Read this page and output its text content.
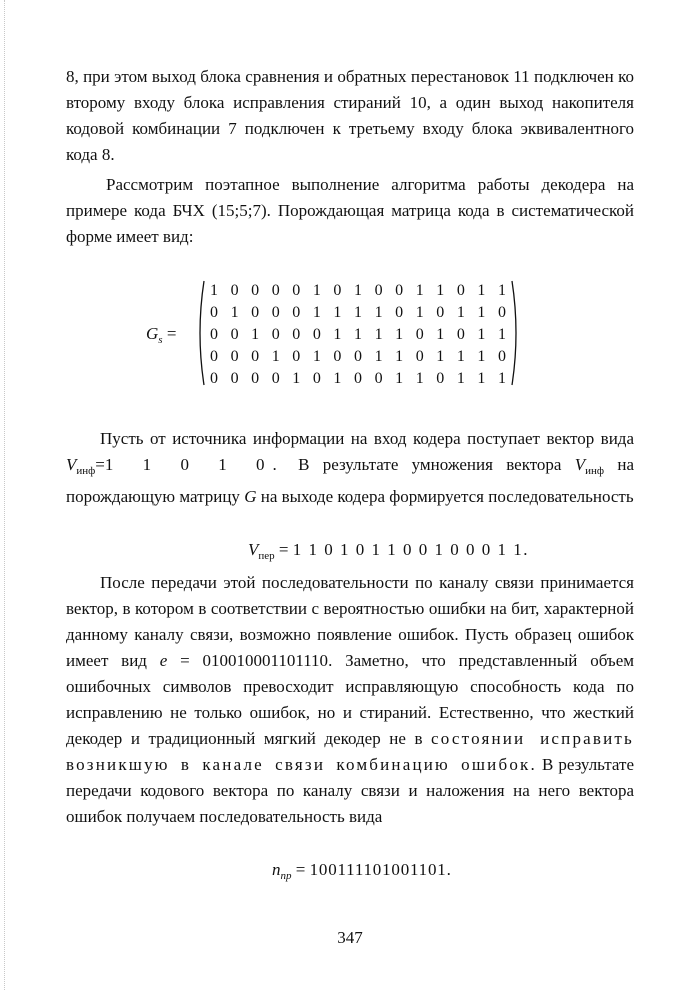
8, при этом выход блока сравнения и обратных перестановок 11 подключен ко второму входу блока исправления стираний 10, а один выход накопителя кодовой комбинации 7 подключен к третьему входу блока эквивалентного кода 8.

Рассмотрим поэтапное выполнение алгоритма работы декодера на примере кода БЧХ (15;5;7). Порождающая матрица кода в систематической форме имеет вид:

$G_s$ =
1 0 0 0 0 1 0 1 0 0 1 1 0 1 1
0 1 0 0 0 1 1 1 1 0 1 0 1 1 0
0 0 1 0 0 0 1 1 1 1 0 1 0 1 1
0 0 0 1 0 1 0 0 1 1 0 1 1 1 0
0 0 0 0 1 0 1 0 0 1 1 0 1 1 1

Пусть от источника информации на вход кодера поступает вектор вида $V_{инф}=1$ 1 0 1 0. В результате умножения вектора $V_{инф}$ на порождающую матрицу G на выходе кодера формируется последовательность

$V_{пер} = 1$ 1 0 1 0 1 1 0 0 1 0 0 0 1 1.

После передачи этой последовательности по каналу связи принимается вектор, в котором в соответствии с вероятностью ошибки на бит, характерной данному каналу связи, возможно появление ошибок. Пусть образец ошибок имеет вид e = 010010001101110. Заметно, что представленный объем ошибочных символов превосходит исправляющую способность кода по исправлению не только ошибок, но и стираний. Естественно, что жесткий декодер и традиционный мягкий декодер не в состоянии исправить возникшую в канале связи комбинацию ошибок. В результате передачи кодового вектора по каналу связи и наложения на него вектора ошибок получаем последовательность вида

$n_{пр} = 100111101001101$.
347
